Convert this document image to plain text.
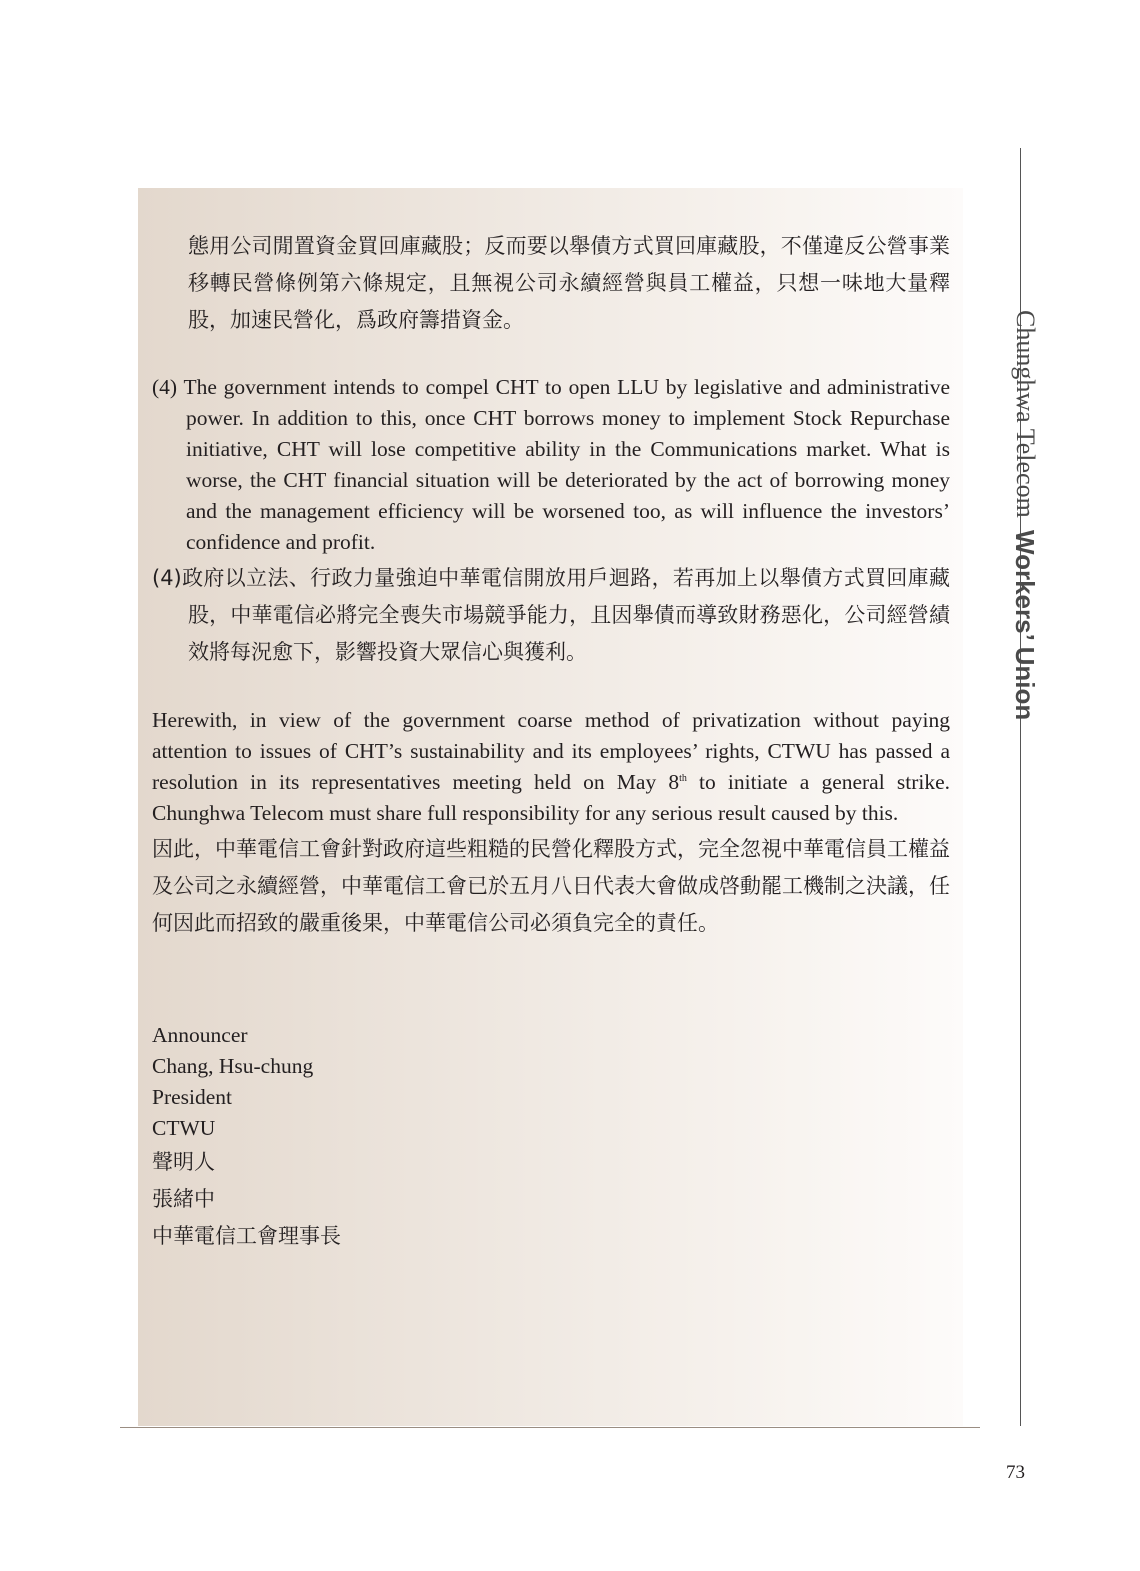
Chunghwa Telecom Workers’ Union

態用公司閒置資金買回庫藏股；反而要以舉債方式買回庫藏股，不僅違反公營事業移轉民營條例第六條規定，且無視公司永續經營與員工權益，只想一味地大量釋股，加速民營化，爲政府籌措資金。

(4) The government intends to compel CHT to open LLU by legislative and administrative power. In addition to this, once CHT borrows money to implement Stock Repurchase initiative, CHT will lose competitive ability in the Communications market. What is worse, the CHT financial situation will be deteriorated by the act of borrowing money and the management efficiency will be worsened too, as will influence the investors’ confidence and profit.

(4)政府以立法、行政力量強迫中華電信開放用戶迴路，若再加上以舉債方式買回庫藏股，中華電信必將完全喪失市場競爭能力，且因舉債而導致財務惡化，公司經營績效將每況愈下，影響投資大眾信心與獲利。

Herewith, in view of the government coarse method of privatization without paying attention to issues of CHT’s sustainability and its employees’ rights, CTWU has passed a resolution in its representatives meeting held on May 8th to initiate a general strike. Chunghwa Telecom must share full responsibility for any serious result caused by this.

因此，中華電信工會針對政府這些粗糙的民營化釋股方式，完全忽視中華電信員工權益及公司之永續經營，中華電信工會已於五月八日代表大會做成啓動罷工機制之決議，任何因此而招致的嚴重後果，中華電信公司必須負完全的責任。

Announcer

Chang, Hsu-chung

President

CTWU

聲明人

張緒中

中華電信工會理事長

73
